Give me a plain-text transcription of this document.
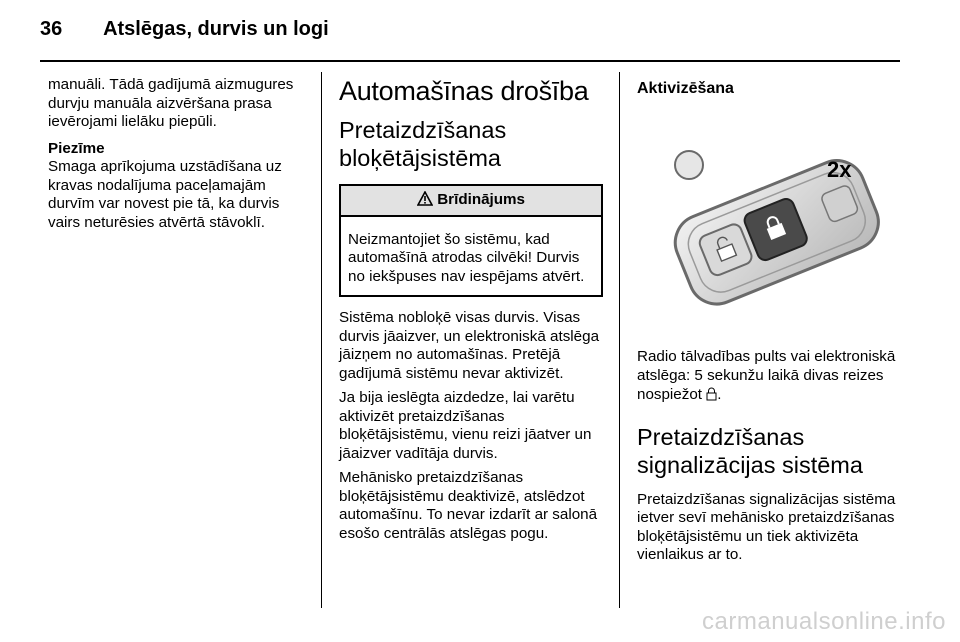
36 Atslēgas, durvis un logi

manuāli. Tādā gadījumā aizmugures durvju manuāla aizvēršana prasa ievērojami lielāku piepūli.

Piezīme

Smaga aprīkojuma uzstādīšana uz kravas nodalījuma paceļamajām durvīm var novest pie tā, ka durvis vairs neturēsies atvērtā stāvoklī.

Automašīnas drošība
Pretaizdzīšanas bloķētājsistēma
Brīdinājums
Neizmantojiet šo sistēmu, kad automašīnā atrodas cilvēki! Durvis no iekšpuses nav iespējams atvērt.

Sistēma nobloķē visas durvis. Visas durvis jāaizver, un elektroniskā atslēga jāizņem no automašīnas. Pretējā gadījumā sistēmu nevar aktivizēt.

Ja bija ieslēgta aizdedze, lai varētu aktivizēt pretaizdzīšanas bloķētājsistēmu, vienu reizi jāatver un jāaizver vadītāja durvis.

Mehānisko pretaizdzīšanas bloķētājsistēmu deaktivizē, atslēdzot automašīnu. To nevar izdarīt ar salonā esošo centrālās atslēgas pogu.

Aktivizēšana
2x

Radio tālvadības pults vai elektroniskā atslēga: 5 sekunžu laikā divas reizes nospiežot .

Pretaizdzīšanas signalizācijas sistēma

Pretaizdzīšanas signalizācijas sistēma ietver sevī mehānisko pretaizdzīšanas bloķētājsistēmu un tiek aktivizēta vienlaikus ar to.

carmanualsonline.info
